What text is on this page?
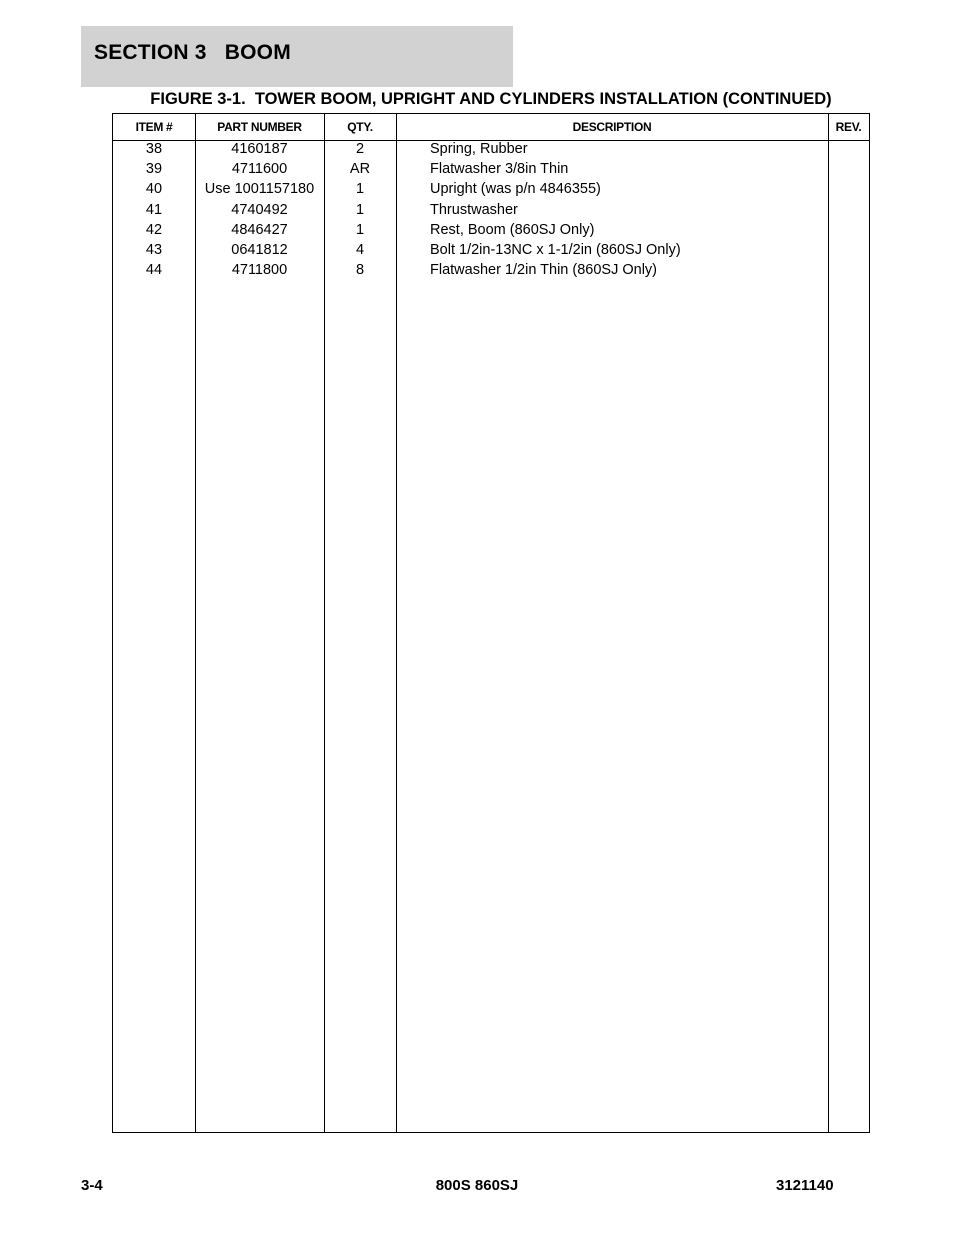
SECTION 3   BOOM
FIGURE 3-1.  TOWER BOOM, UPRIGHT AND CYLINDERS INSTALLATION (CONTINUED)
ITEM #	PART NUMBER	QTY.	DESCRIPTION	REV.
38	4160187	2	Spring, Rubber
39	4711600	AR	Flatwasher 3/8in Thin
40	Use 1001157180	1	Upright (was p/n 4846355)
41	4740492	1	Thrustwasher
42	4846427	1	Rest, Boom (860SJ Only)
43	0641812	4	Bolt 1/2in-13NC x 1-1/2in (860SJ Only)
44	4711800	8	Flatwasher 1/2in Thin (860SJ Only)
3-4	800S 860SJ	3121140
